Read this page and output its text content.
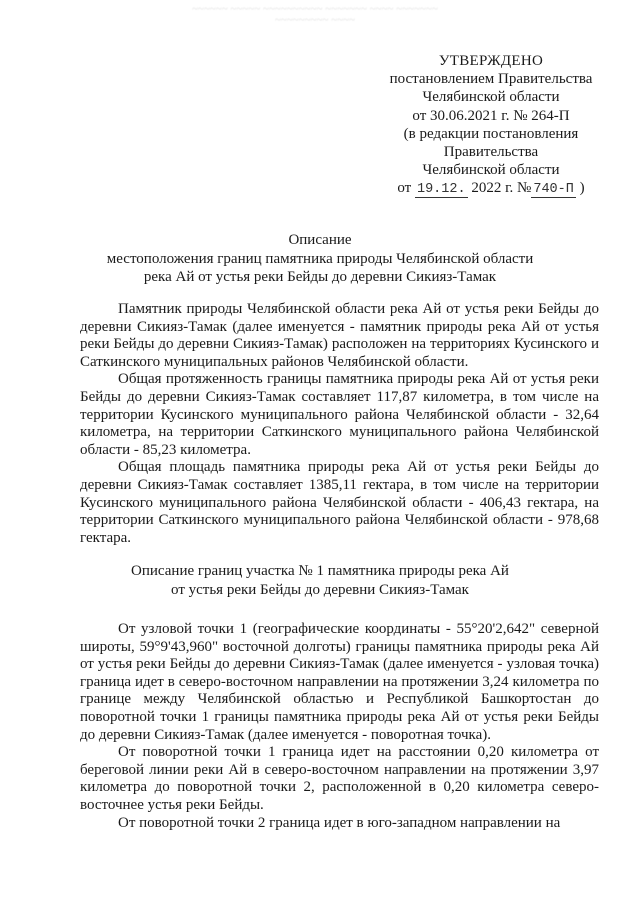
~~~~~~ ~~~~~ ~~~~~~~~~~ ~~~~~~~ ~~~~ ~~~~~~~
~~~~~~~~~ ~~~~
УТВЕРЖДЕНО
постановлением Правительства
Челябинской области
от 30.06.2021 г. № 264-П
(в редакции постановления
Правительства
Челябинской области
от 19.12. 2022 г. № 740-П )
Описание
местоположения границ памятника природы Челябинской области
река Ай от устья реки Бейды до деревни Сикияз-Тамак

Памятник природы Челябинской области река Ай от устья реки Бейды до деревни Сикияз-Тамак (далее именуется - памятник природы река Ай от устья реки Бейды до деревни Сикияз-Тамак) расположен на территориях Кусинского и Саткинского муниципальных районов Челябинской области.

Общая протяженность границы памятника природы река Ай от устья реки Бейды до деревни Сикияз-Тамак составляет 117,87 километра, в том числе на территории Кусинского муниципального района Челябинской области - 32,64 километра, на территории Саткинского муниципального района Челябинской области - 85,23 километра.

Общая площадь памятника природы река Ай от устья реки Бейды до деревни Сикияз-Тамак составляет 1385,11 гектара, в том числе на территории Кусинского муниципального района Челябинской области - 406,43 гектара, на территории Саткинского муниципального района Челябинской области - 978,68 гектара.

Описание границ участка № 1 памятника природы река Ай
от устья реки Бейды до деревни Сикияз-Тамак

От узловой точки 1 (географические координаты - 55°20'2,642" северной широты, 59°9'43,960" восточной долготы) границы памятника природы река Ай от устья реки Бейды до деревни Сикияз-Тамак (далее именуется - узловая точка) граница идет в северо-восточном направлении на протяжении 3,24 километра по границе между Челябинской областью и Республикой Башкортостан до поворотной точки 1 границы памятника природы река Ай от устья реки Бейды до деревни Сикияз-Тамак (далее именуется - поворотная точка).

От поворотной точки 1 граница идет на расстоянии 0,20 километра от береговой линии реки Ай в северо-восточном направлении на протяжении 3,97 километра до поворотной точки 2, расположенной в 0,20 километра северо-восточнее устья реки Бейды.

От поворотной точки 2 граница идет в юго-западном направлении на
